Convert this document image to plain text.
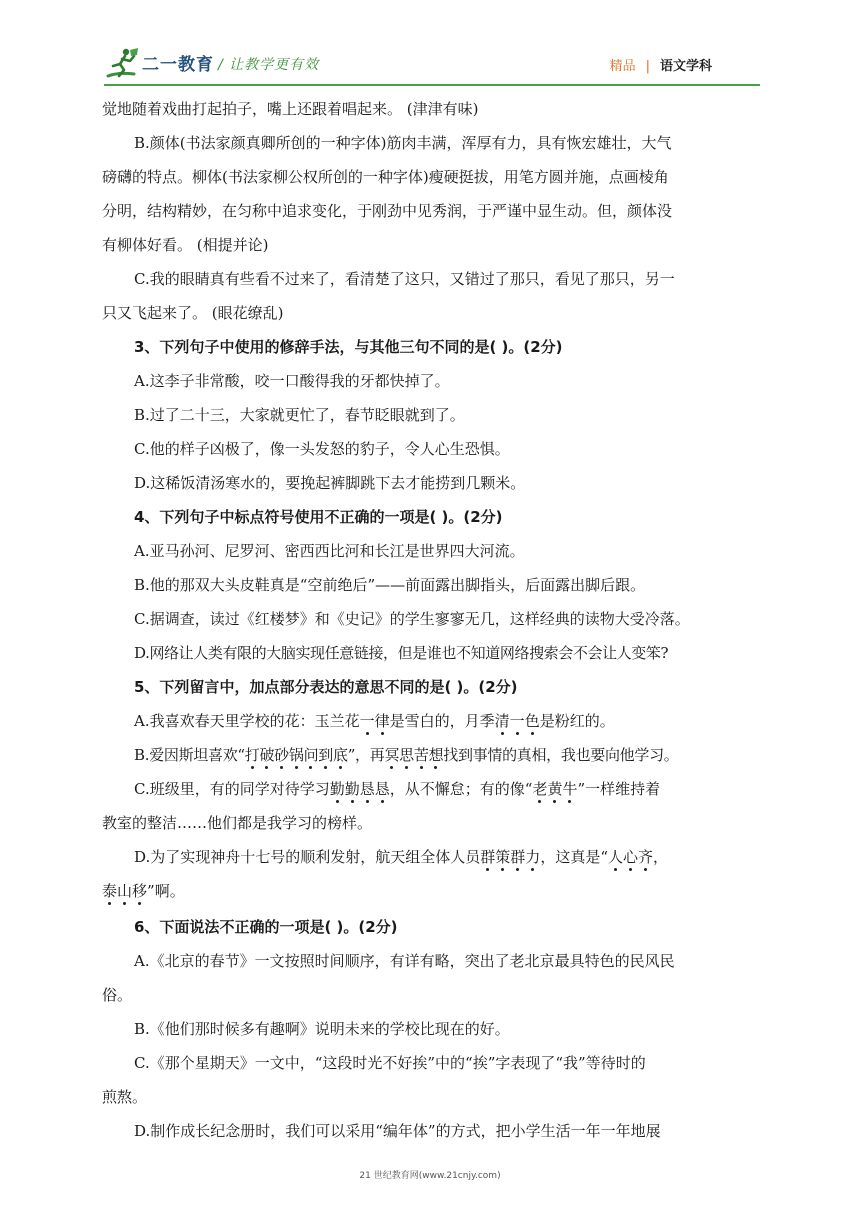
二一教育 / 让教学更有效	精品 | 语文学科

觉地随着戏曲打起拍子，嘴上还跟着唱起来。 (津津有味)

B.颜体(书法家颜真卿所创的一种字体)筋肉丰满，浑厚有力，具有恢宏雄壮，大气

磅礴的特点。柳体(书法家柳公权所创的一种字体)瘦硬挺拔，用笔方圆并施，点画棱角

分明，结构精妙，在匀称中追求变化，于刚劲中见秀润，于严谨中显生动。但，颜体没

有柳体好看。 (相提并论)

C.我的眼睛真有些看不过来了，看清楚了这只，又错过了那只，看见了那只，另一

只又飞起来了。 (眼花缭乱)

3、下列句子中使用的修辞手法，与其他三句不同的是( )。(2分)

A.这李子非常酸，咬一口酸得我的牙都快掉了。

B.过了二十三，大家就更忙了，春节眨眼就到了。

C.他的样子凶极了，像一头发怒的豹子，令人心生恐惧。

D.这稀饭清汤寒水的，要挽起裤脚跳下去才能捞到几颗米。

4、下列句子中标点符号使用不正确的一项是( )。(2分)

A.亚马孙河、尼罗河、密西西比河和长江是世界四大河流。

B.他的那双大头皮鞋真是“空前绝后”——前面露出脚指头，后面露出脚后跟。

C.据调查，读过《红楼梦》和《史记》的学生寥寥无几，这样经典的读物大受冷落。

D.网络让人类有限的大脑实现任意链接，但是谁也不知道网络搜索会不会让人变笨?

5、下列留言中，加点部分表达的意思不同的是( )。(2分)

A.我喜欢春天里学校的花：玉兰花一律是雪白的，月季清一色是粉红的。

B.爱因斯坦喜欢“打破砂锅问到底”，再冥思苦想找到事情的真相，我也要向他学习。

C.班级里，有的同学对待学习勤勤恳恳，从不懈怠；有的像“老黄牛”一样维持着

教室的整洁……他们都是我学习的榜样。

D.为了实现神舟十七号的顺利发射，航天组全体人员群策群力，这真是“人心齐，

泰山移”啊。

6、下面说法不正确的一项是( )。(2分)

A.《北京的春节》一文按照时间顺序，有详有略，突出了老北京最具特色的民风民

俗。

B.《他们那时候多有趣啊》说明未来的学校比现在的好。

C.《那个星期天》一文中，“这段时光不好挨”中的“挨”字表现了“我”等待时的

煎熬。

D.制作成长纪念册时，我们可以采用“编年体”的方式，把小学生活一年一年地展

21 世纪教育网(www.21cnjy.com)
